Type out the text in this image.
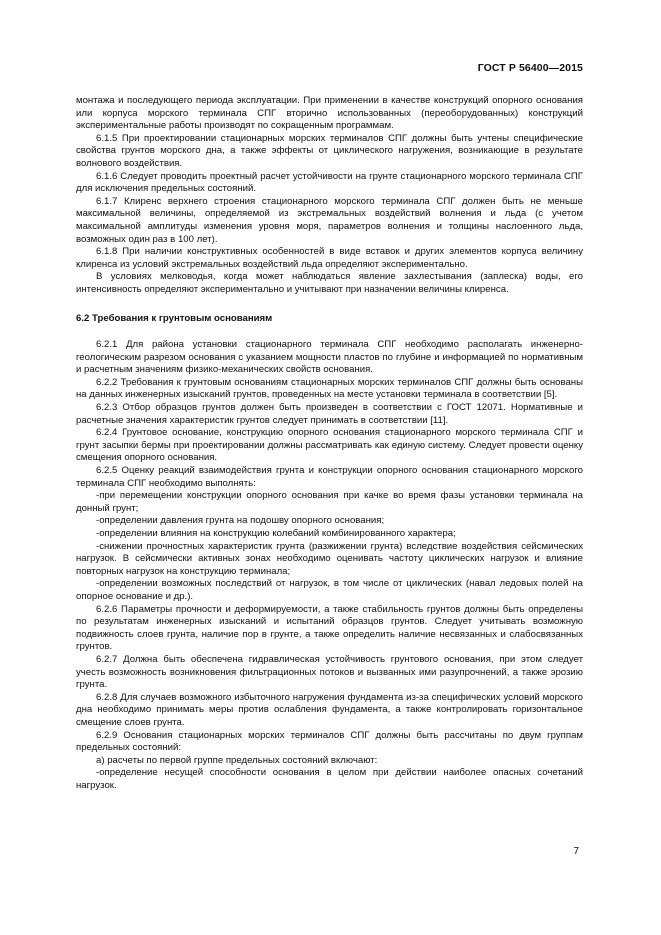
ГОСТ Р 56400—2015

монтажа и последующего периода эксплуатации. При применении в качестве конструкций опорного основания или корпуса морского терминала СПГ вторично использованных (переоборудованных) конструкций экспериментальные работы производят по сокращенным программам.

6.1.5 При проектировании стационарных морских терминалов СПГ должны быть учтены специфические свойства грунтов морского дна, а также эффекты от циклического нагружения, возникающие в результате волнового воздействия.

6.1.6 Следует проводить проектный расчет устойчивости на грунте стационарного морского терминала СПГ для исключения предельных состояний.

6.1.7 Клиренс верхнего строения стационарного морского терминала СПГ должен быть не меньше максимальной величины, определяемой из экстремальных воздействий волнения и льда (с учетом максимальной амплитуды изменения уровня моря, параметров волнения и толщины наслоенного льда, возможных один раз в 100 лет).

6.1.8 При наличии конструктивных особенностей в виде вставок и других элементов корпуса величину клиренса из условий экстремальных воздействий льда определяют экспериментально.

В условиях мелководья, когда может наблюдаться явление захлестывания (заплеска) воды, его интенсивность определяют экспериментально и учитывают при назначении величины клиренса.

6.2 Требования к грунтовым основаниям

6.2.1 Для района установки стационарного терминала СПГ необходимо располагать инженерно-геологическим разрезом основания с указанием мощности пластов по глубине и информацией по нормативным и расчетным значениям физико-механических свойств основания.

6.2.2 Требования к грунтовым основаниям стационарных морских терминалов СПГ должны быть основаны на данных инженерных изысканий грунтов, проведенных на месте установки терминала в соответствии [5].

6.2.3 Отбор образцов грунтов должен быть произведен в соответствии с ГОСТ 12071. Нормативные и расчетные значения характеристик грунтов следует принимать в соответствии [11].

6.2.4 Грунтовое основание, конструкцию опорного основания стационарного морского терминала СПГ и грунт засыпки бермы при проектировании должны рассматривать как единую систему. Следует провести оценку смещения опорного основания.

6.2.5 Оценку реакций взаимодействия грунта и конструкции опорного основания стационарного морского терминала СПГ необходимо выполнять:

-при перемещении конструкции опорного основания при качке во время фазы установки терминала на донный грунт;

-определении давления грунта на подошву опорного основания;

-определении влияния на конструкцию колебаний комбинированного характера;

-снижении прочностных характеристик грунта (разжижении грунта) вследствие воздействия сейсмических нагрузок. В сейсмически активных зонах необходимо оценивать частоту циклических нагрузок и влияние повторных нагрузок на конструкцию терминала;

-определении возможных последствий от нагрузок, в том числе от циклических (навал ледовых полей на опорное основание и др.).

6.2.6 Параметры прочности и деформируемости, а также стабильность грунтов должны быть определены по результатам инженерных изысканий и испытаний образцов грунтов. Следует учитывать возможную подвижность слоев грунта, наличие пор в грунте, а также определить наличие несвязанных и слабосвязанных грунтов.

6.2.7 Должна быть обеспечена гидравлическая устойчивость грунтового основания, при этом следует учесть возможность возникновения фильтрационных потоков и вызванных ими разупрочнений, а также эрозию грунта.

6.2.8 Для случаев возможного избыточного нагружения фундамента из-за специфических условий морского дна необходимо принимать меры против ослабления фундамента, а также контролировать горизонтальное смещение слоев грунта.

6.2.9 Основания стационарных морских терминалов СПГ должны быть рассчитаны по двум группам предельных состояний:

а) расчеты по первой группе предельных состояний включают:

-определение несущей способности основания в целом при действии наиболее опасных сочетаний нагрузок.

7
